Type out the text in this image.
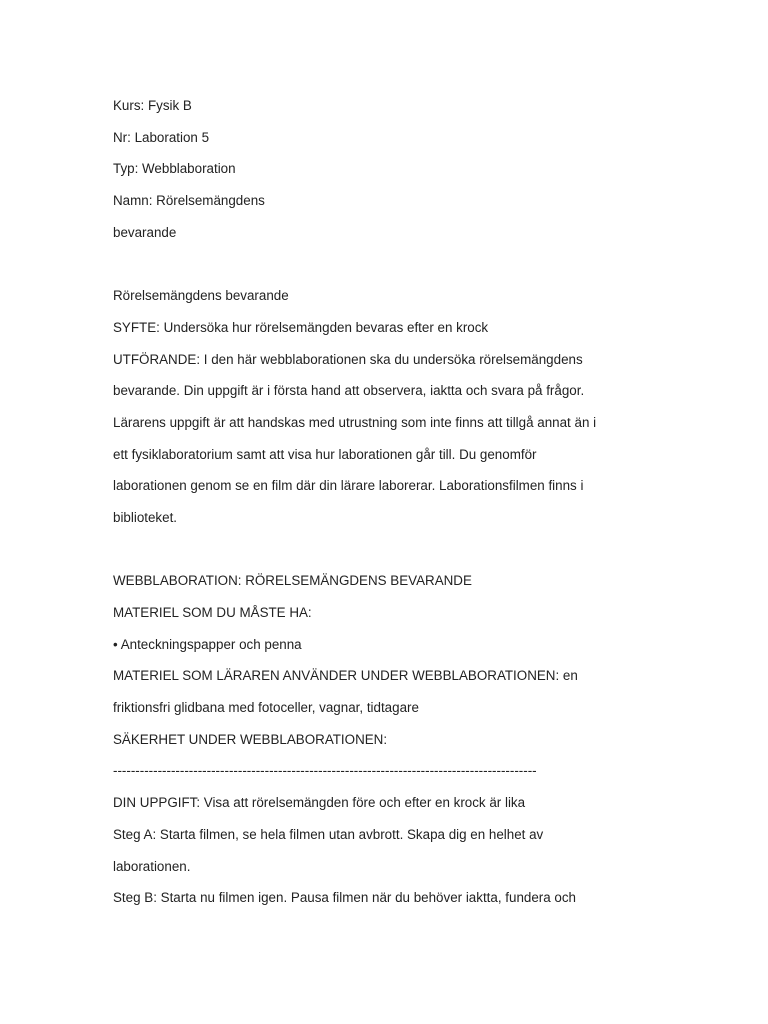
Kurs: Fysik B
Nr: Laboration 5
Typ: Webblaboration
Namn: Rörelsemängdens
bevarande
Rörelsemängdens bevarande
SYFTE: Undersöka hur rörelsemängden bevaras efter en krock
UTFÖRANDE: I den här webblaborationen ska du undersöka rörelsemängdens
bevarande. Din uppgift är i första hand att observera, iaktta och svara på frågor.
Lärarens uppgift är att handskas med utrustning som inte finns att tillgå annat än i
ett fysiklaboratorium samt att visa hur laborationen går till. Du genomför
laborationen genom se en film där din lärare laborerar. Laborationsfilmen finns i
biblioteket.
WEBBLABORATION: RÖRELSEMÄNGDENS BEVARANDE
MATERIEL SOM DU MÅSTE HA:
• Anteckningspapper och penna
MATERIEL SOM LÄRAREN ANVÄNDER UNDER WEBBLABORATIONEN: en
friktionsfri glidbana med fotoceller, vagnar, tidtagare
SÄKERHET UNDER WEBBLABORATIONEN:
-----------------------------------------------------------------------------------------------
DIN UPPGIFT: Visa att rörelsemängden före och efter en krock är lika
Steg A: Starta filmen, se hela filmen utan avbrott. Skapa dig en helhet av
laborationen.
Steg B: Starta nu filmen igen. Pausa filmen när du behöver iaktta, fundera och
